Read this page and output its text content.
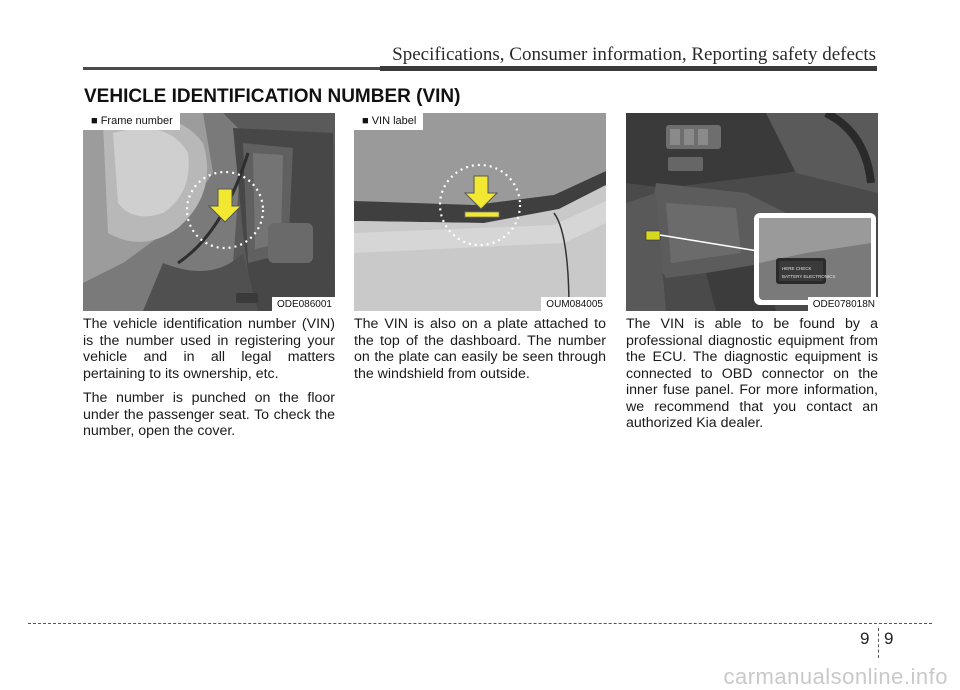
Specifications, Consumer information, Reporting safety defects
VEHICLE IDENTIFICATION NUMBER (VIN)
■ Frame number
ODE086001
■ VIN label
OUM084005
HERE CHECK
BATTERY ELECTRONICS
ODE078018N

The vehicle identification number (VIN) is the number used in registering your vehicle and in all legal matters pertaining to its ownership, etc.

The number is punched on the floor under the passenger seat. To check the number, open the cover.

The VIN is also on a plate attached to the top of the dashboard. The number on the plate can easily be seen through the windshield from outside.

The VIN is able to be found by a professional diagnostic equipment from the ECU. The diagnostic equipment is connected to OBD connector on the inner fuse panel. For more information, we recommend that you contact an authorized Kia dealer.

9 9
carmanualsonline.info
